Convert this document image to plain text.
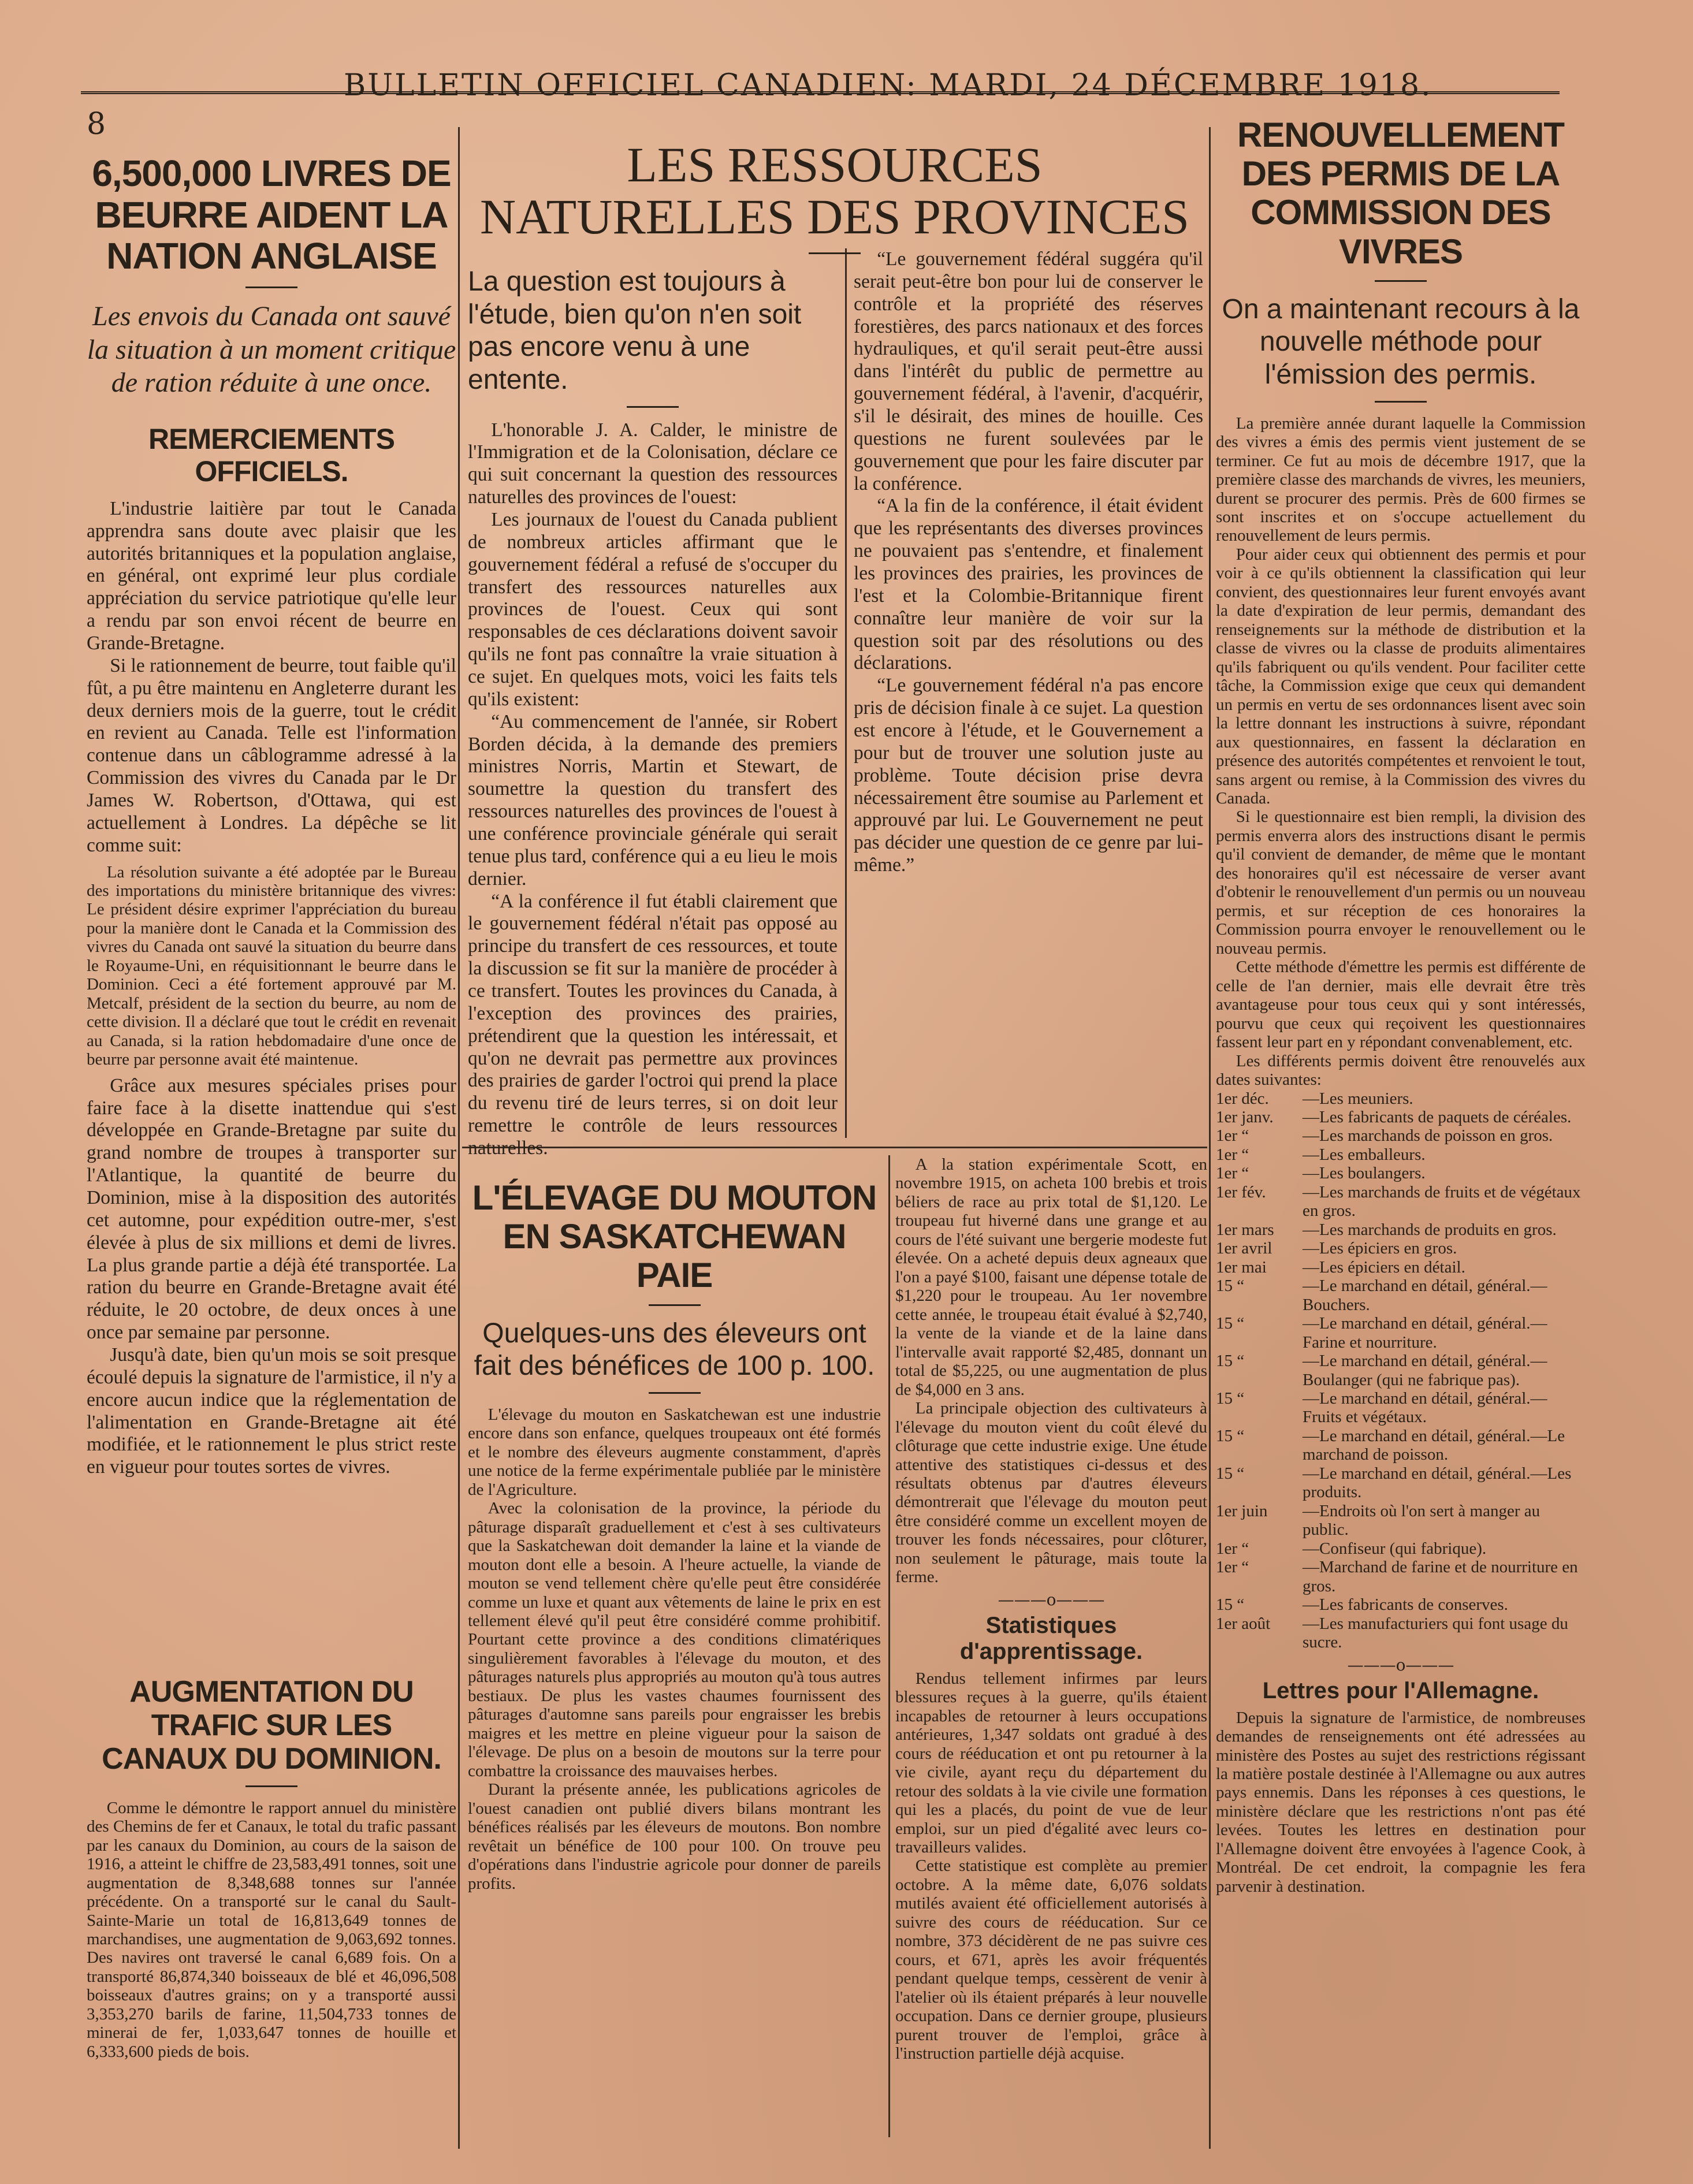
8
BULLETIN OFFICIEL CANADIEN: MARDI, 24 DÉCEMBRE 1918.
6,500,000 LIVRES DE BEURRE AIDENT LA NATION ANGLAISE
Les envois du Canada ont sauvé la situation à un moment critique de ration réduite à une once.
REMERCIEMENTS OFFICIELS.

L'industrie laitière par tout le Canada apprendra sans doute avec plaisir que les autorités britanniques et la population anglaise, en général, ont exprimé leur plus cordiale appréciation du service patriotique qu'elle leur a rendu par son envoi récent de beurre en Grande-Bretagne.

Si le rationnement de beurre, tout faible qu'il fût, a pu être maintenu en Angleterre durant les deux derniers mois de la guerre, tout le crédit en revient au Canada. Telle est l'information contenue dans un câblogramme adressé à la Commission des vivres du Canada par le Dr James W. Robertson, d'Ottawa, qui est actuellement à Londres. La dépêche se lit comme suit:

La résolution suivante a été adoptée par le Bureau des importations du ministère britannique des vivres: Le président désire exprimer l'appréciation du bureau pour la manière dont le Canada et la Commission des vivres du Canada ont sauvé la situation du beurre dans le Royaume-Uni, en réquisitionnant le beurre dans le Dominion. Ceci a été fortement approuvé par M. Metcalf, président de la section du beurre, au nom de cette division. Il a déclaré que tout le crédit en revenait au Canada, si la ration hebdomadaire d'une once de beurre par personne avait été maintenue.

Grâce aux mesures spéciales prises pour faire face à la disette inattendue qui s'est développée en Grande-Bretagne par suite du grand nombre de troupes à transporter sur l'Atlantique, la quantité de beurre du Dominion, mise à la disposition des autorités cet automne, pour expédition outre-mer, s'est élevée à plus de six millions et demi de livres. La plus grande partie a déjà été transportée. La ration du beurre en Grande-Bretagne avait été réduite, le 20 octobre, de deux onces à une once par semaine par personne.

Jusqu'à date, bien qu'un mois se soit presque écoulé depuis la signature de l'armistice, il n'y a encore aucun indice que la réglementation de l'alimentation en Grande-Bretagne ait été modifiée, et le rationnement le plus strict reste en vigueur pour toutes sortes de vivres.

AUGMENTATION DU TRAFIC SUR LES CANAUX DU DOMINION.

Comme le démontre le rapport annuel du ministère des Chemins de fer et Canaux, le total du trafic passant par les canaux du Dominion, au cours de la saison de 1916, a atteint le chiffre de 23,583,491 tonnes, soit une augmentation de 8,348,688 tonnes sur l'année précédente. On a transporté sur le canal du Sault-Sainte-Marie un total de 16,813,649 tonnes de marchandises, une augmentation de 9,063,692 tonnes. Des navires ont traversé le canal 6,689 fois. On a transporté 86,874,340 boisseaux de blé et 46,096,508 boisseaux d'autres grains; on y a transporté aussi 3,353,270 barils de farine, 11,504,733 tonnes de minerai de fer, 1,033,647 tonnes de houille et 6,333,600 pieds de bois.

LES RESSOURCES NATURELLES DES PROVINCES
La question est toujours à l'étude, bien qu'on n'en soit pas encore venu à une entente.

L'honorable J. A. Calder, le ministre de l'Immigration et de la Colonisation, déclare ce qui suit concernant la question des ressources naturelles des provinces de l'ouest:

Les journaux de l'ouest du Canada publient de nombreux articles affirmant que le gouvernement fédéral a refusé de s'occuper du transfert des ressources naturelles aux provinces de l'ouest. Ceux qui sont responsables de ces déclarations doivent savoir qu'ils ne font pas connaître la vraie situation à ce sujet. En quelques mots, voici les faits tels qu'ils existent:

“Au commencement de l'année, sir Robert Borden décida, à la demande des premiers ministres Norris, Martin et Stewart, de soumettre la question du transfert des ressources naturelles des provinces de l'ouest à une conférence provinciale générale qui serait tenue plus tard, conférence qui a eu lieu le mois dernier.

“A la conférence il fut établi clairement que le gouvernement fédéral n'était pas opposé au principe du transfert de ces ressources, et toute la discussion se fit sur la manière de procéder à ce transfert. Toutes les provinces du Canada, à l'exception des provinces des prairies, prétendirent que la question les intéressait, et qu'on ne devrait pas permettre aux provinces des prairies de garder l'octroi qui prend la place du revenu tiré de leurs terres, si on doit leur remettre le contrôle de leurs ressources naturelles.

“Le gouvernement fédéral suggéra qu'il serait peut-être bon pour lui de conserver le contrôle et la propriété des réserves forestières, des parcs nationaux et des forces hydrauliques, et qu'il serait peut-être aussi dans l'intérêt du public de permettre au gouvernement fédéral, à l'avenir, d'acquérir, s'il le désirait, des mines de houille. Ces questions ne furent soulevées par le gouvernement que pour les faire discuter par la conférence.

“A la fin de la conférence, il était évident que les représentants des diverses provinces ne pouvaient pas s'entendre, et finalement les provinces des prairies, les provinces de l'est et la Colombie-Britannique firent connaître leur manière de voir sur la question soit par des résolutions ou des déclarations.

“Le gouvernement fédéral n'a pas encore pris de décision finale à ce sujet. La question est encore à l'étude, et le Gouvernement a pour but de trouver une solution juste au problème. Toute décision prise devra nécessairement être soumise au Parlement et approuvé par lui. Le Gouvernement ne peut pas décider une question de ce genre par lui-même.”

L'ÉLEVAGE DU MOUTON EN SASKATCHEWAN PAIE
Quelques-uns des éleveurs ont fait des bénéfices de 100 p. 100.

L'élevage du mouton en Saskatchewan est une industrie encore dans son enfance, quelques troupeaux ont été formés et le nombre des éleveurs augmente constamment, d'après une notice de la ferme expérimentale publiée par le ministère de l'Agriculture.

Avec la colonisation de la province, la période du pâturage disparaît graduellement et c'est à ses cultivateurs que la Saskatchewan doit demander la laine et la viande de mouton dont elle a besoin. A l'heure actuelle, la viande de mouton se vend tellement chère qu'elle peut être considérée comme un luxe et quant aux vêtements de laine le prix en est tellement élevé qu'il peut être considéré comme prohibitif. Pourtant cette province a des conditions climatériques singulièrement favorables à l'élevage du mouton, et des pâturages naturels plus appropriés au mouton qu'à tous autres bestiaux. De plus les vastes chaumes fournissent des pâturages d'automne sans pareils pour engraisser les brebis maigres et les mettre en pleine vigueur pour la saison de l'élevage. De plus on a besoin de moutons sur la terre pour combattre la croissance des mauvaises herbes.

Durant la présente année, les publications agricoles de l'ouest canadien ont publié divers bilans montrant les bénéfices réalisés par les éleveurs de moutons. Bon nombre revêtait un bénéfice de 100 pour 100. On trouve peu d'opérations dans l'industrie agricole pour donner de pareils profits.

A la station expérimentale Scott, en novembre 1915, on acheta 100 brebis et trois béliers de race au prix total de $1,120. Le troupeau fut hiverné dans une grange et au cours de l'été suivant une bergerie modeste fut élevée. On a acheté depuis deux agneaux que l'on a payé $100, faisant une dépense totale de $1,220 pour le troupeau. Au 1er novembre cette année, le troupeau était évalué à $2,740, la vente de la viande et de la laine dans l'intervalle avait rapporté $2,485, donnant un total de $5,225, ou une augmentation de plus de $4,000 en 3 ans.

La principale objection des cultivateurs à l'élevage du mouton vient du coût élevé du clôturage que cette industrie exige. Une étude attentive des statistiques ci-dessus et des résultats obtenus par d'autres éleveurs démontrerait que l'élevage du mouton peut être considéré comme un excellent moyen de trouver les fonds nécessaires, pour clôturer, non seulement le pâturage, mais toute la ferme.

———o———
Statistiques d'apprentissage.

Rendus tellement infirmes par leurs blessures reçues à la guerre, qu'ils étaient incapables de retourner à leurs occupations antérieures, 1,347 soldats ont gradué à des cours de rééducation et ont pu retourner à la vie civile, ayant reçu du département du retour des soldats à la vie civile une formation qui les a placés, du point de vue de leur emploi, sur un pied d'égalité avec leurs co-travailleurs valides.

Cette statistique est complète au premier octobre. A la même date, 6,076 soldats mutilés avaient été officiellement autorisés à suivre des cours de rééducation. Sur ce nombre, 373 décidèrent de ne pas suivre ces cours, et 671, après les avoir fréquentés pendant quelque temps, cessèrent de venir à l'atelier où ils étaient préparés à leur nouvelle occupation. Dans ce dernier groupe, plusieurs purent trouver de l'emploi, grâce à l'instruction partielle déjà acquise.

RENOUVELLEMENT DES PERMIS DE LA COMMISSION DES VIVRES
On a maintenant recours à la nouvelle méthode pour l'émission des permis.

La première année durant laquelle la Commission des vivres a émis des permis vient justement de se terminer. Ce fut au mois de décembre 1917, que la première classe des marchands de vivres, les meuniers, durent se procurer des permis. Près de 600 firmes se sont inscrites et on s'occupe actuellement du renouvellement de leurs permis.

Pour aider ceux qui obtiennent des permis et pour voir à ce qu'ils obtiennent la classification qui leur convient, des questionnaires leur furent envoyés avant la date d'expiration de leur permis, demandant des renseignements sur la méthode de distribution et la classe de vivres ou la classe de produits alimentaires qu'ils fabriquent ou qu'ils vendent. Pour faciliter cette tâche, la Commission exige que ceux qui demandent un permis en vertu de ses ordonnances lisent avec soin la lettre donnant les instructions à suivre, répondant aux questionnaires, en fassent la déclaration en présence des autorités compétentes et renvoient le tout, sans argent ou remise, à la Commission des vivres du Canada.

Si le questionnaire est bien rempli, la division des permis enverra alors des instructions disant le permis qu'il convient de demander, de même que le montant des honoraires qu'il est nécessaire de verser avant d'obtenir le renouvellement d'un permis ou un nouveau permis, et sur réception de ces honoraires la Commission pourra envoyer le renouvellement ou le nouveau permis.

Cette méthode d'émettre les permis est différente de celle de l'an dernier, mais elle devrait être très avantageuse pour tous ceux qui y sont intéressés, pourvu que ceux qui reçoivent les questionnaires fassent leur part en y répondant convenablement, etc.

Les différents permis doivent être renouvelés aux dates suivantes:

1er déc.	—Les meuniers.
1er janv.	—Les fabricants de paquets de céréales.
1er “	—Les marchands de poisson en gros.
1er “	—Les emballeurs.
1er “	—Les boulangers.
1er fév.	—Les marchands de fruits et de végétaux en gros.
1er mars	—Les marchands de produits en gros.
1er avril	—Les épiciers en gros.
1er mai	—Les épiciers en détail.
15 “	—Le marchand en détail, général.—Bouchers.
15 “	—Le marchand en détail, général.—Farine et nourriture.
15 “	—Le marchand en détail, général.—Boulanger (qui ne fabrique pas).
15 “	—Le marchand en détail, général.—Fruits et végétaux.
15 “	—Le marchand en détail, général.—Le marchand de poisson.
15 “	—Le marchand en détail, général.—Les produits.
1er juin	—Endroits où l'on sert à manger au public.
1er “	—Confiseur (qui fabrique).
1er “	—Marchand de farine et de nourriture en gros.
15 “	—Les fabricants de conserves.
1er août	—Les manufacturiers qui font usage du sucre.
———o———
Lettres pour l'Allemagne.

Depuis la signature de l'armistice, de nombreuses demandes de renseignements ont été adressées au ministère des Postes au sujet des restrictions régissant la matière postale destinée à l'Allemagne ou aux autres pays ennemis. Dans les réponses à ces questions, le ministère déclare que les restrictions n'ont pas été levées. Toutes les lettres en destination pour l'Allemagne doivent être envoyées à l'agence Cook, à Montréal. De cet endroit, la compagnie les fera parvenir à destination.
